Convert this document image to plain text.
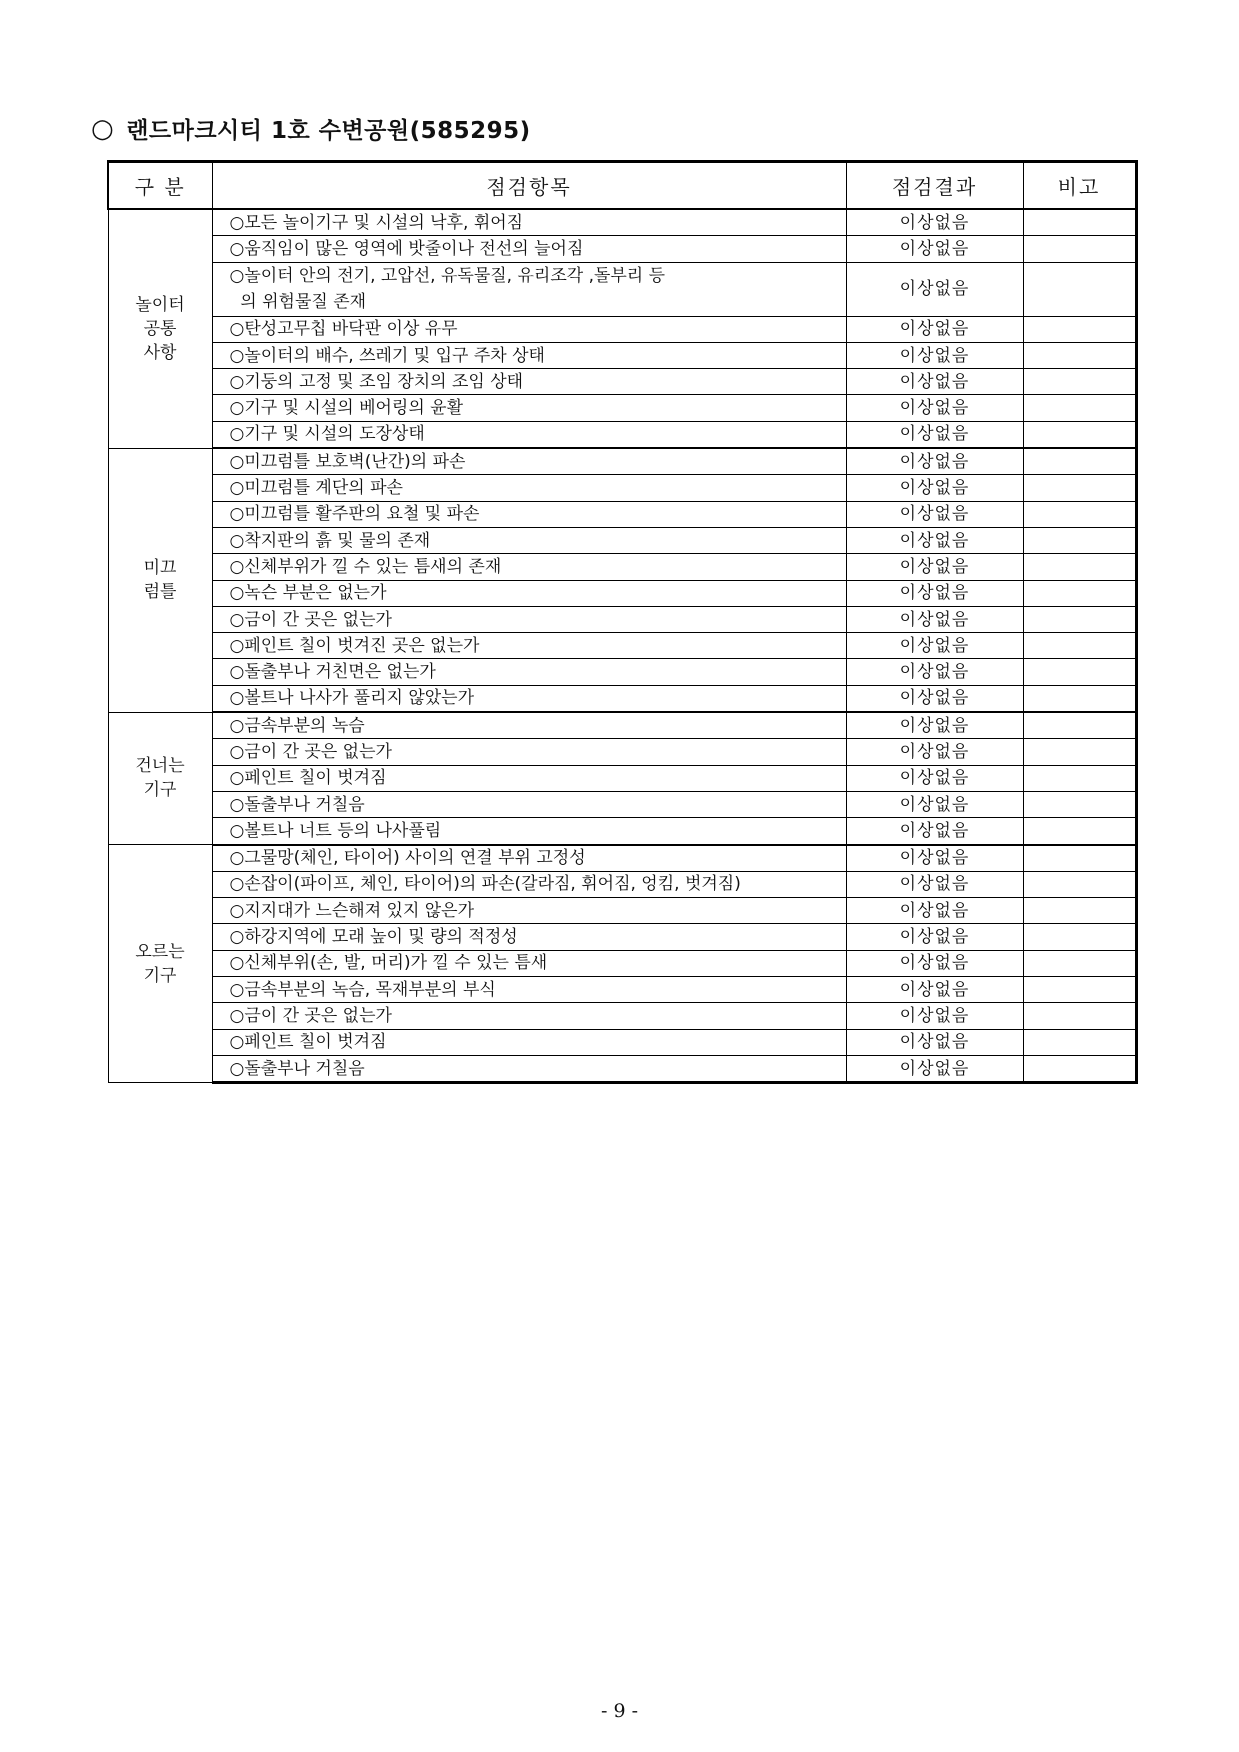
○ 랜드마크시티 1호 수변공원(585295)
구 분	점검항목	점검결과	비고
놀이터
공통
사항	○모든 놀이기구 및 시설의 낙후, 휘어짐	이상없음	
	○움직임이 많은 영역에 밧줄이나 전선의 늘어짐	이상없음	
	○놀이터 안의 전기, 고압선, 유독물질, 유리조각 ,돌부리 등
의 위험물질 존재	이상없음	
	○탄성고무칩 바닥판 이상 유무	이상없음	
	○놀이터의 배수, 쓰레기 및 입구 주차 상태	이상없음	
	○기둥의 고정 및 조임 장치의 조임 상태	이상없음	
	○기구 및 시설의 베어링의 윤활	이상없음	
	○기구 및 시설의 도장상태	이상없음	
미끄
럼틀	○미끄럼틀 보호벽(난간)의 파손	이상없음	
	○미끄럼틀 계단의 파손	이상없음	
	○미끄럼틀 활주판의 요철 및 파손	이상없음	
	○착지판의 흙 및 물의 존재	이상없음	
	○신체부위가 낄 수 있는 틈새의 존재	이상없음	
	○녹슨 부분은 없는가	이상없음	
	○금이 간 곳은 없는가	이상없음	
	○페인트 칠이 벗겨진 곳은 없는가	이상없음	
	○돌출부나 거친면은 없는가	이상없음	
	○볼트나 나사가 풀리지 않았는가	이상없음	
건너는
기구	○금속부분의 녹슴	이상없음	
	○금이 간 곳은 없는가	이상없음	
	○페인트 칠이 벗겨짐	이상없음	
	○돌출부나 거칠음	이상없음	
	○볼트나 너트 등의 나사풀림	이상없음	
오르는
기구	○그물망(체인, 타이어) 사이의 연결 부위 고정성	이상없음	
	○손잡이(파이프, 체인, 타이어)의 파손(갈라짐, 휘어짐, 엉킴, 벗겨짐)	이상없음	
	○지지대가 느슨해져 있지 않은가	이상없음	
	○하강지역에 모래 높이 및 량의 적정성	이상없음	
	○신체부위(손, 발, 머리)가 낄 수 있는 틈새	이상없음	
	○금속부분의 녹슴, 목재부분의 부식	이상없음	
	○금이 간 곳은 없는가	이상없음	
	○페인트 칠이 벗겨짐	이상없음	
	○돌출부나 거칠음	이상없음	
- 9 -
